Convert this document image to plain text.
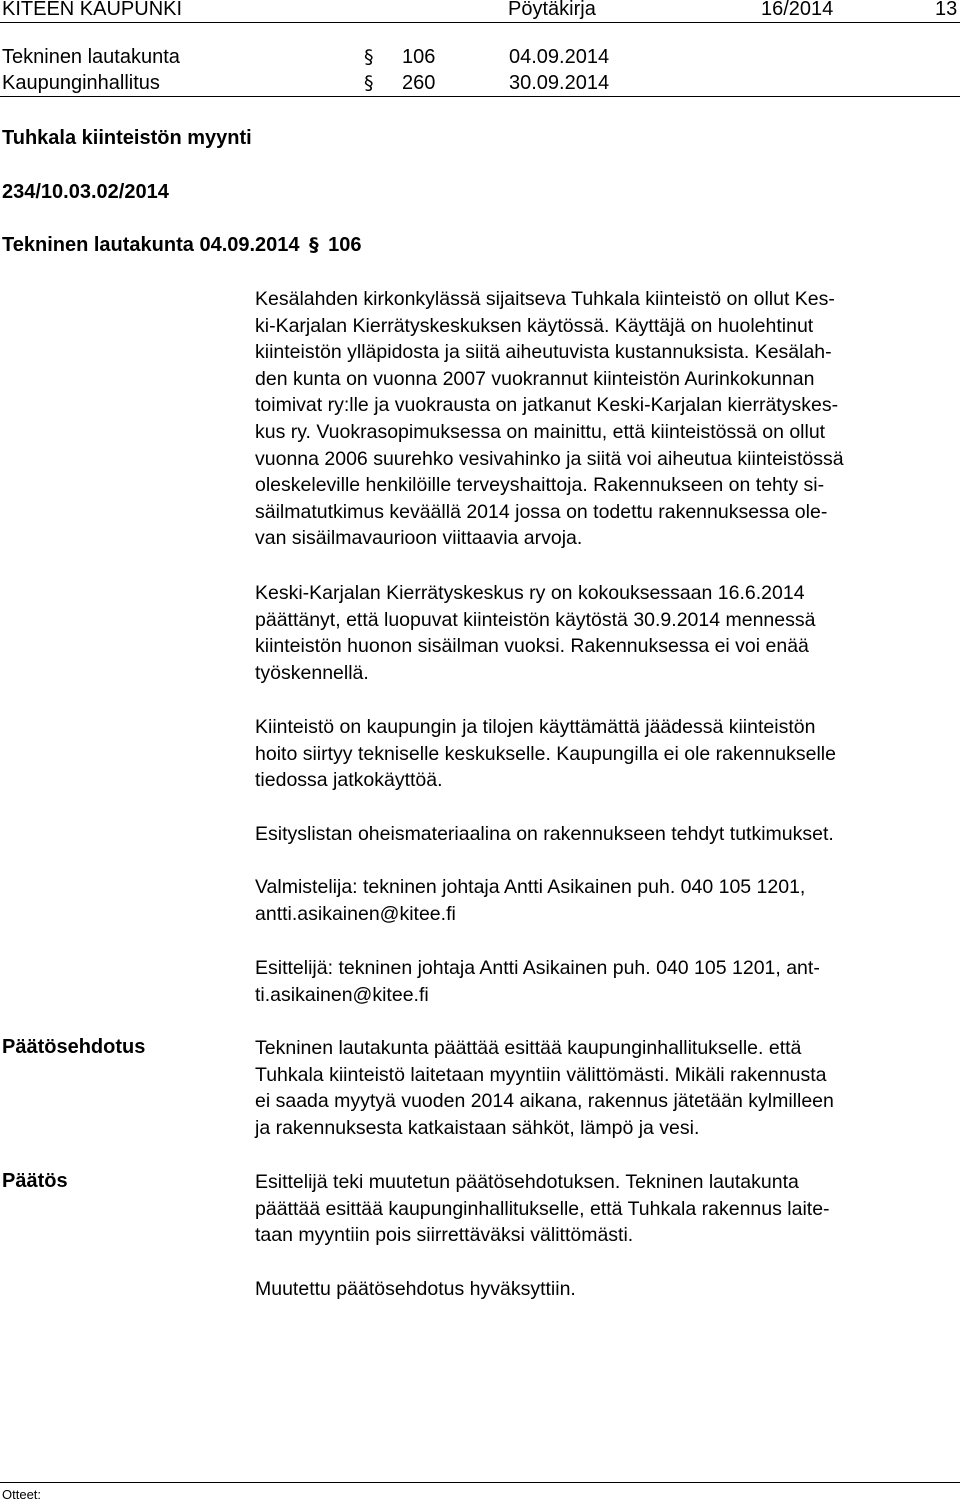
KITEEN KAUPUNKI	Pöytäkirja	16/2014	13
Tekninen lautakunta	§ 106	04.09.2014
Kaupunginhallitus	§ 260	30.09.2014
Tuhkala kiinteistön myynti
234/10.03.02/2014
Tekninen lautakunta 04.09.2014 § 106
Kesälahden kirkonkylässä sijaitseva Tuhkala kiinteistö on ollut Kes-
ki-Karjalan Kierrätyskeskuksen käytössä. Käyttäjä on huolehtinut
kiinteistön ylläpidosta ja siitä aiheutuvista kustannuksista. Kesälah-
den kunta on vuonna 2007 vuokrannut kiinteistön Aurinkokunnan
toimivat ry:lle ja vuokrausta on jatkanut Keski-Karjalan kierrätyskes-
kus ry. Vuokrasopimuksessa on mainittu, että kiinteistössä on ollut
vuonna 2006 suurehko vesivahinko ja siitä voi aiheutua kiinteistössä
oleskeleville henkilöille terveyshaittoja. Rakennukseen on tehty si-
säilmatutkimus keväällä 2014 jossa on todettu rakennuksessa ole-
van sisäilmavaurioon viittaavia arvoja.
Keski-Karjalan Kierrätyskeskus ry on kokouksessaan 16.6.2014
päättänyt, että luopuvat kiinteistön käytöstä 30.9.2014 mennessä
kiinteistön huonon sisäilman vuoksi. Rakennuksessa ei voi enää
työskennellä.
Kiinteistö on kaupungin ja tilojen käyttämättä jäädessä kiinteistön
hoito siirtyy tekniselle keskukselle. Kaupungilla ei ole rakennukselle
tiedossa jatkokäyttöä.
Esityslistan oheismateriaalina on rakennukseen tehdyt tutkimukset.
Valmistelija: tekninen johtaja Antti Asikainen puh. 040 105 1201,
antti.asikainen@kitee.fi
Esittelijä: tekninen johtaja Antti Asikainen puh. 040 105 1201, ant-
ti.asikainen@kitee.fi
Päätösehdotus	Tekninen lautakunta päättää esittää kaupunginhallitukselle. että
Tuhkala kiinteistö laitetaan myyntiin välittömästi. Mikäli rakennusta
ei saada myytyä vuoden 2014 aikana, rakennus jätetään kylmilleen
ja rakennuksesta katkaistaan sähköt, lämpö ja vesi.
Päätös	Esittelijä teki muutetun päätösehdotuksen. Tekninen lautakunta
päättää esittää kaupunginhallitukselle, että Tuhkala rakennus laite-
taan myyntiin pois siirrettäväksi välittömästi.
Muutettu päätösehdotus hyväksyttiin.
Otteet:
